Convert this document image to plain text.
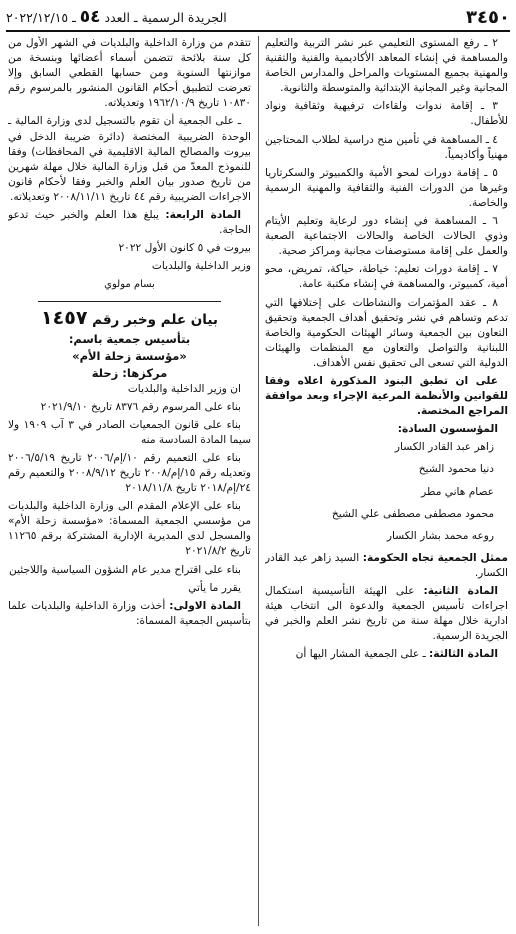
٣٤٥٠
الجريدة الرسمية ـ العدد ٥٤ ـ ٢٠٢٢/١٢/١٥

٢ ـ رفع المستوى التعليمي عبر نشر التربية والتعليم والمساهمة في إنشاء المعاهد الأكاديمية والفنية والتقنية والمهنية بجميع المستويات والمراحل والمدارس الخاصة المجانية وغير المجانية الإبتدائية والمتوسطة والثانوية.

٣ ـ إقامة ندوات ولقاءات ترفيهية وثقافية ونواد للأطفال.

٤ ـ المساهمة في تأمين منح دراسية لطلاب المحتاجين مهنياً وأكاديمياً.

٥ ـ إقامة دورات لمحو الأمية والكمبيوتر والسكرتاريا وغيرها من الدورات الفنية والثقافية والمهنية الرسمية والخاصة.

٦ ـ المساهمة في إنشاء دور لرعاية وتعليم الأيتام وذوي الحالات الخاصة والحالات الاجتماعية الصعبة والعمل على إقامة مستوصفات مجانية ومراكز صحية.

٧ ـ إقامة دورات تعليم: خياطة، حياكة، تمريض، محو أمية، كمبيوتر، والمساهمة في إنشاء مكتبة عامة.

٨ ـ عقد المؤتمرات والنشاطات على إختلافها التي تدعم وتساهم في نشر وتحقيق أهداف الجمعية وتحقيق التعاون بين الجمعية وسائر الهيئات الحكومية والخاصة اللبنانية والتواصل والتعاون مع المنظمات والهيئات الدولية التي تسعى الى تحقيق نفس الأهداف.

على ان تطبق البنود المذكورة اعلاه وفقا للقوانين والأنظمة المرعية الإجراء وبعد موافقة المراجع المختصة.

المؤسسون السادة:

زاهر عبد القادر الكسار
دنيا محمود الشيخ
عصام هاني مطر
محمود مصطفى مصطفى علي الشيخ
روعه محمد بشار الكسار

ممثل الجمعية تجاه الحكومة: السيد زاهر عبد القادر الكسار.

المادة الثانية: على الهيئة التأسيسية استكمال اجراءات تأسيس الجمعية والدعوة الى انتخاب هيئة ادارية خلال مهلة سنة من تاريخ نشر العلم والخبر في الجريدة الرسمية.

المادة الثالثة: ـ على الجمعية المشار اليها أن

تتقدم من وزارة الداخلية والبلديات في الشهر الأول من كل سنة بلائحة تتضمن أسماء أعضائها وبنسخة من موازنتها السنوية ومن حسابها القطعي السابق وإلا تعرضت لتطبيق أحكام القانون المنشور بالمرسوم رقم ١٠٨٣٠ تاريخ ١٩٦٢/١٠/٩ وتعديلاته.

ـ على الجمعية أن تقوم بالتسجيل لدى وزارة المالية ـ الوحدة الضريبية المختصة (دائرة ضريبة الدخل في بيروت والمصالح المالية الاقليمية في المحافظات) وفقا للنموذج المعدّ من قبل وزارة المالية خلال مهلة شهرين من تاريخ صدور بيان العلم والخبر وفقا لأحكام قانون الاجراءات الضريبية رقم ٤٤ تاريخ ٢٠٠٨/١١/١١ وتعديلاته.

المادة الرابعة: يبلغ هذا العلم والخبر حيث تدعو الحاجة.

بيروت في ٥ كانون الأول ٢٠٢٢

وزير الداخلية والبلديات

بسام مولوي

بيان علم وخبر رقم ١٤٥٧
بتأسيس جمعية باسم:
«مؤسسة زحلة الأم»
مركزها: زحلة

ان وزير الداخلية والبلديات

بناء على المرسوم رقم ٨٣٧٦ تاريخ ٢٠٢١/٩/١٠

بناء على قانون الجمعيات الصادر في ٣ آب ١٩٠٩ ولا سيما المادة السادسة منه

بناء على التعميم رقم ١٠/إم/٢٠٠٦ تاريخ ٢٠٠٦/٥/١٩ وتعديله رقم ١٥/إم/٢٠٠٨ تاريخ ٢٠٠٨/٩/١٢ والتعميم رقم ٢٤/إم/٢٠١٨ تاريخ ٢٠١٨/١١/٨

بناء على الإعلام المقدم الى وزارة الداخلية والبلديات من مؤسسي الجمعية المسماة: «مؤسسة زحلة الأم» والمسجل لدى المديرية الإدارية المشتركة برقم ١١٢٦٥ تاريخ ٢٠٢١/٨/٢

بناء على اقتراح مدير عام الشؤون السياسية واللاجئين

يقرر ما يأتي

المادة الاولى: أخذت وزارة الداخلية والبلديات علما بتأسيس الجمعية المسماة:
